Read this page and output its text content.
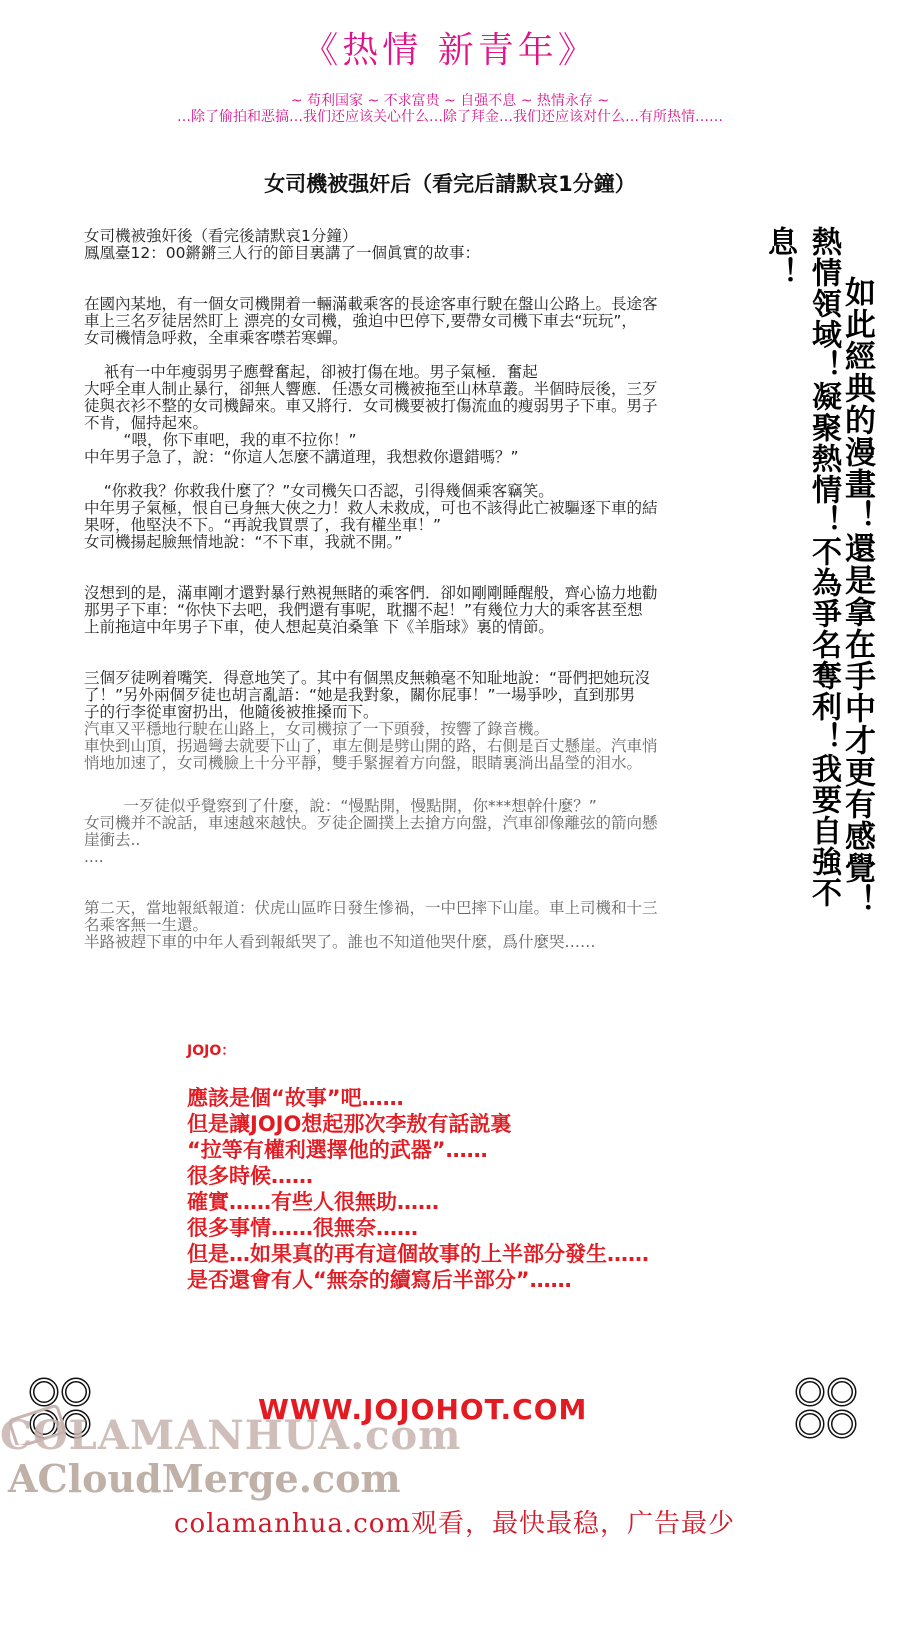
《热情 新青年》
~ 苟利国家 ~ 不求富贵 ~ 自强不息 ~ 热情永存 ~
…除了偷拍和恶搞…我们还应该关心什么…除了拜金…我们还应该对什么…有所热情……
女司機被强奸后（看完后請默哀1分鐘）

女司機被強奸後（看完後請默哀1分鐘）
鳳凰臺12：00鏘鏘三人行的節目裏講了一個眞實的故事：

在國內某地，有一個女司機開着一輛滿載乘客的長途客車行駛在盤山公路上。長途客
車上三名歹徒居然盯上 漂亮的女司機，強迫中巴停下,要帶女司機下車去“玩玩”，
女司機情急呼救，全車乘客噤若寒蟬。

衹有一中年瘦弱男子應聲奮起，卻被打傷在地。男子氣極．奮起
大呼全車人制止暴行，卻無人響應．任憑女司機被拖至山林草叢。半個時辰後，三歹
徒與衣衫不整的女司機歸來。車又將行．女司機要被打傷流血的瘦弱男子下車。男子
不肯，倔持起來。
“喂，你下車吧，我的車不拉你！”
中年男子急了，說：“你這人怎麼不講道理，我想救你還錯嗎？”

“你救我？你救我什麼了？”女司機矢口否認，引得幾個乘客竊笑。
中年男子氣極，恨自已身無大俠之力！救人未救成，可也不該得此亡被驅逐下車的結
果呀，他堅決不下。“再說我買票了，我有權坐車！”
女司機揚起臉無情地說：“不下車，我就不開。”

沒想到的是，滿車剛才還對暴行熟視無睹的乘客們．卻如剛剛睡醒般，齊心協力地勸
那男子下車：“你快下去吧，我們還有事呢，耽擱不起！”有幾位力大的乘客甚至想
上前拖這中年男子下車，使人想起莫泊桑筆 下《羊脂球》裏的情節。

三個歹徒咧着嘴笑．得意地笑了。其中有個黑皮無賴毫不知耻地說：“哥們把她玩沒
了！”另外兩個歹徒也胡言亂語：“她是我對象，關你屁事！”一場爭吵，直到那男
子的行李從車窗扔出，他隨後被推搡而下。

汽車又平穩地行駛在山路上，女司機掠了一下頭發，按響了錄音機。
車快到山頂，拐過彎去就要下山了，車左側是劈山開的路，右側是百丈懸崖。汽車悄
悄地加速了，女司機臉上十分平靜，雙手緊握着方向盤，眼睛裏淌出晶瑩的泪水。

一歹徒似乎覺察到了什麼，說：“慢點開，慢點開，你***想幹什麼？”
女司機并不說話，車速越來越快。歹徒企圖撲上去搶方向盤，汽車卻像離弦的箭向懸
崖衝去..
....

第二天，當地報紙報道：伏虎山區昨日發生慘禍，一中巴摔下山崖。車上司機和十三
名乘客無一生還。
半路被趕下車的中年人看到報紙哭了。誰也不知道他哭什麼，爲什麼哭……

熱情領域！凝聚熱情！不為爭名奪利！我要自強不息！
如此經典的漫畫！還是拿在手中才更有感覺！
JOJO：

應該是個“故事”吧……

但是讓JOJO想起那次李敖有話説裏

“拉等有權利選擇他的武器”……

很多時候……

確實……有些人很無助……

很多事情……很無奈……

但是…如果真的再有這個故事的上半部分發生……

是否還會有人“無奈的續寫后半部分”……

WWW.JOJOHOT.COM
COLAMANHUA.com
ACloudMerge.com
colamanhua.com观看，最快最稳，广告最少
